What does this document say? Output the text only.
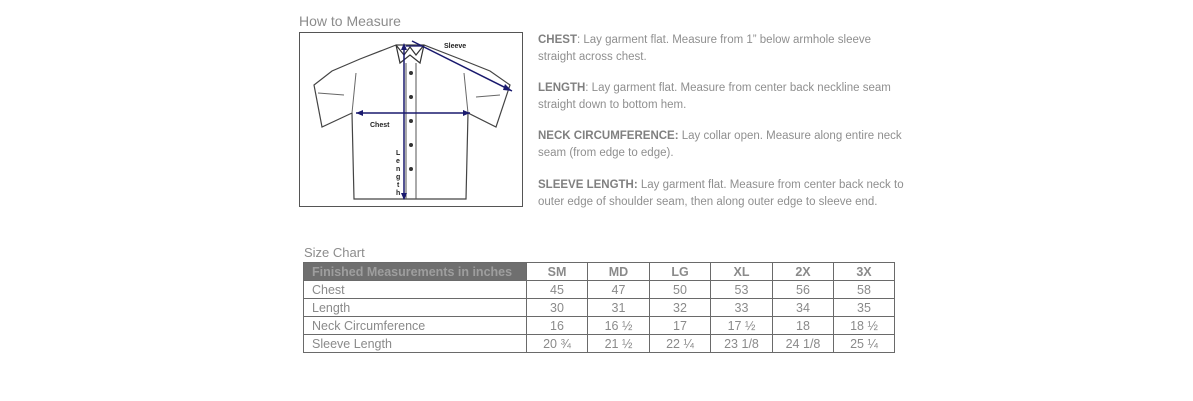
How to Measure
Sleeve
Chest
L
e
n
g
t
h
CHEST: Lay garment flat. Measure from 1” below armhole sleeve straight across chest.
LENGTH: Lay garment flat. Measure from center back neckline seam straight down to bottom hem.
NECK CIRCUMFERENCE: Lay collar open. Measure along entire neck seam (from edge to edge).
SLEEVE LENGTH: Lay garment flat. Measure from center back neck to outer edge of shoulder seam, then along outer edge to sleeve end.
Size Chart
Finished Measurements in inches	SM	MD	LG	XL	2X	3X
Chest	45	47	50	53	56	58
Length	30	31	32	33	34	35
Neck Circumference	16	16 ½	17	17 ½	18	18 ½
Sleeve Length	20 ¾	21 ½	22 ¼	23 1/8	24 1/8	25 ¼
